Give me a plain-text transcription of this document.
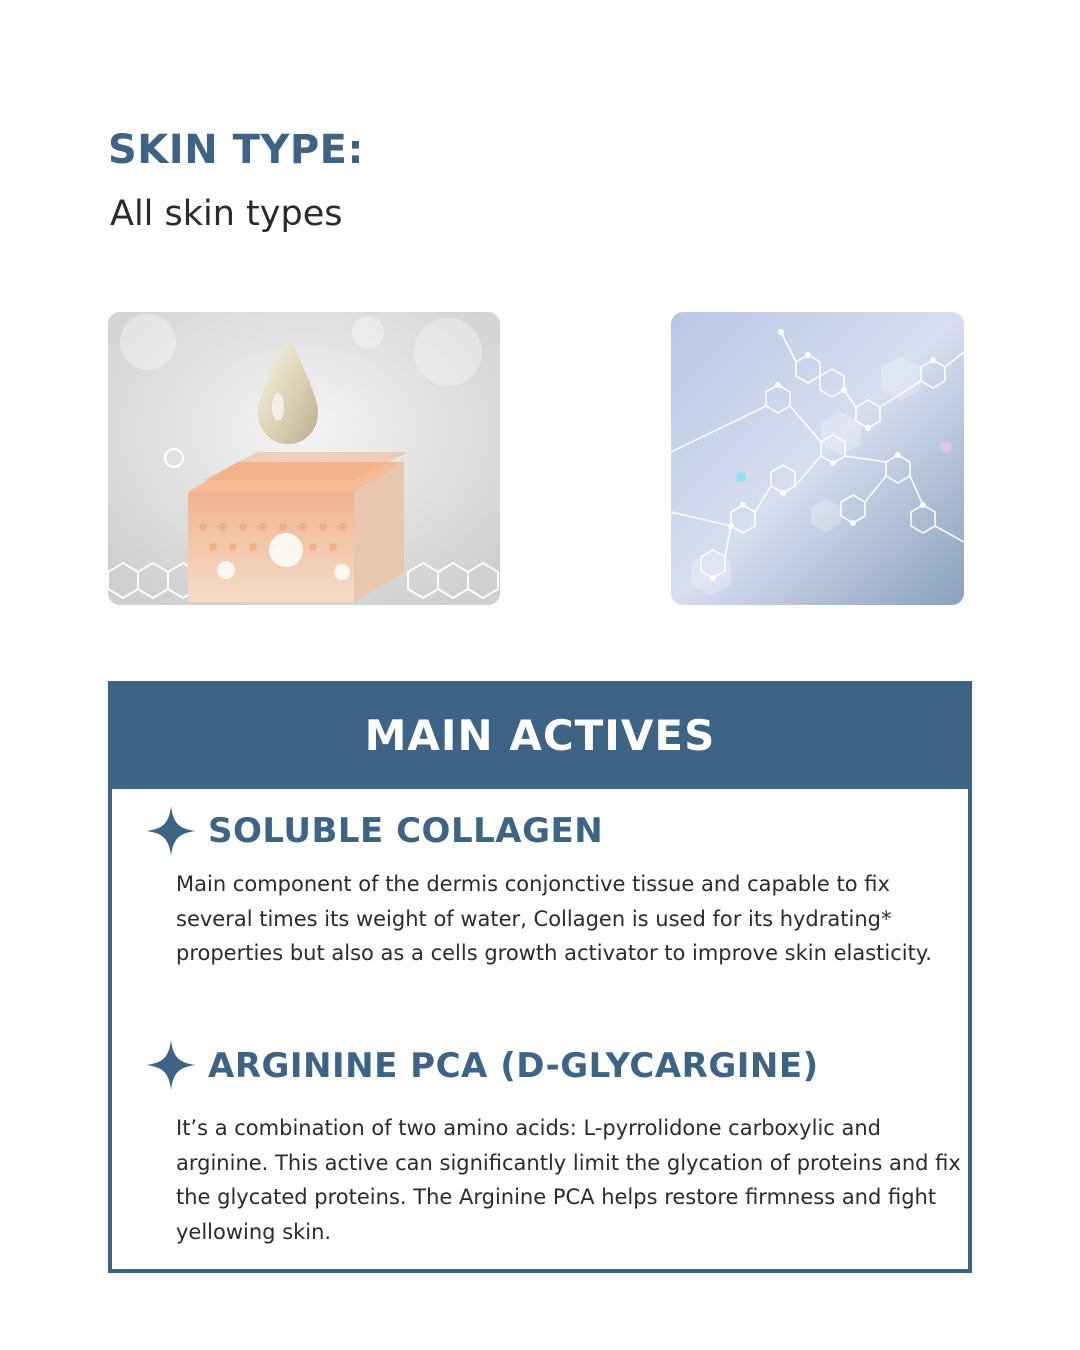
SKIN TYPE:

All skin types

MAIN ACTIVES
SOLUBLE COLLAGEN

Main component of the dermis conjonctive tissue and capable to fix several times its weight of water, Collagen is used for its hydrating* properties but also as a cells growth activator to improve skin elasticity.

ARGININE PCA (D-GLYCARGINE)

It’s a combination of two amino acids: L-pyrrolidone carboxylic and arginine. This active can significantly limit the glycation of proteins and fix the glycated proteins. The Arginine PCA helps restore firmness and fight yellowing skin.
